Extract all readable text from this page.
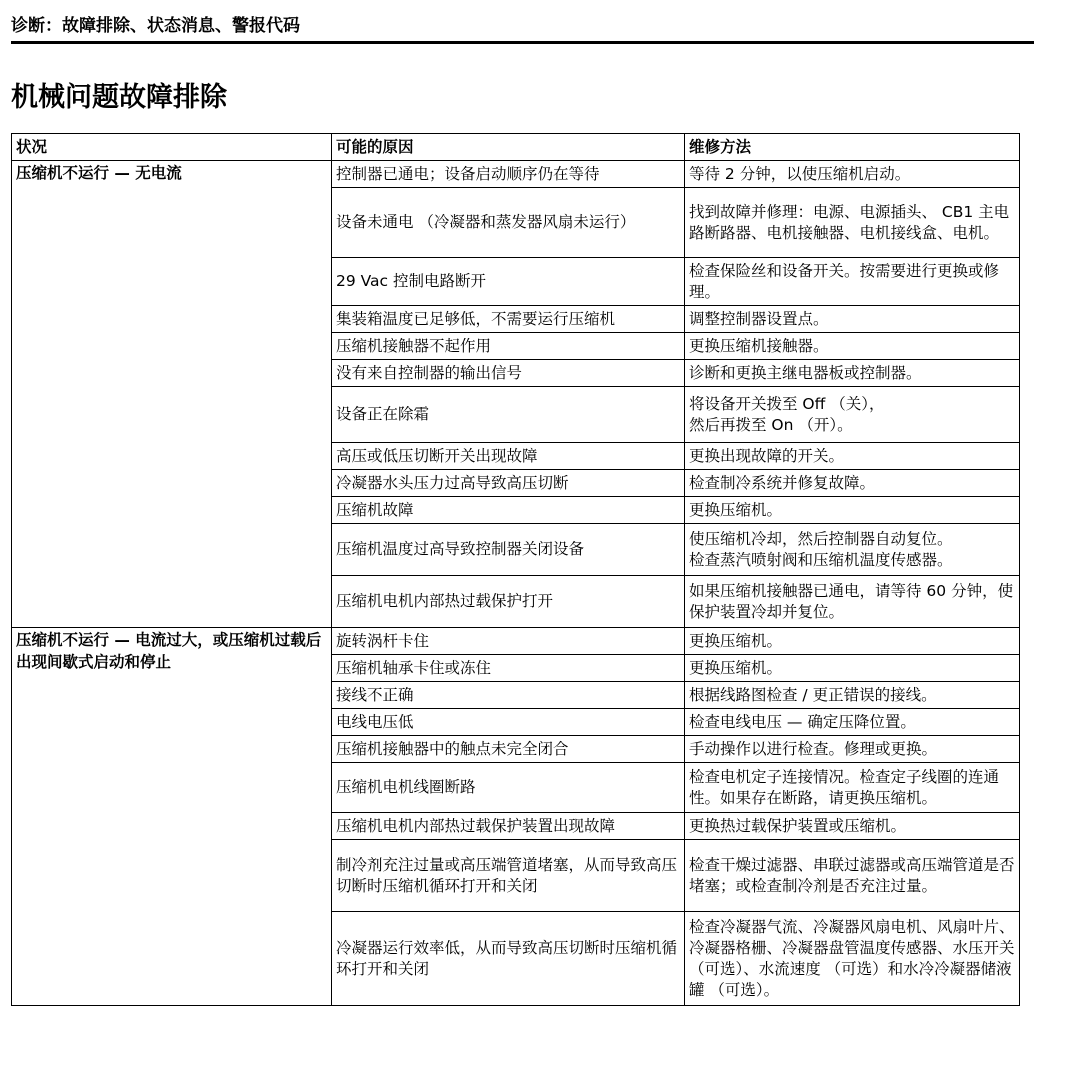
诊断：故障排除、状态消息、警报代码
机械问题故障排除
状况	可能的原因	维修方法
压缩机不运行 — 无电流	控制器已通电；设备启动顺序仍在等待	等待 2 分钟，以使压缩机启动。
	设备未通电 （冷凝器和蒸发器风扇未运行）	找到故障并修理：电源、电源插头、 CB1 主电路断路器、电机接触器、电机接线盒、电机。
	29 Vac 控制电路断开	检查保险丝和设备开关。按需要进行更换或修理。
	集装箱温度已足够低，不需要运行压缩机	调整控制器设置点。
	压缩机接触器不起作用	更换压缩机接触器。
	没有来自控制器的输出信号	诊断和更换主继电器板或控制器。
	设备正在除霜	将设备开关拨至 Off （关），
然后再拨至 On （开）。
	高压或低压切断开关出现故障	更换出现故障的开关。
	冷凝器水头压力过高导致高压切断	检查制冷系统并修复故障。
	压缩机故障	更换压缩机。
	压缩机温度过高导致控制器关闭设备	使压缩机冷却，然后控制器自动复位。
检查蒸汽喷射阀和压缩机温度传感器。
	压缩机电机内部热过载保护打开	如果压缩机接触器已通电，请等待 60 分钟，使保护装置冷却并复位。
压缩机不运行 — 电流过大，或压缩机过载后出现间歇式启动和停止	旋转涡杆卡住	更换压缩机。
	压缩机轴承卡住或冻住	更换压缩机。
	接线不正确	根据线路图检查 / 更正错误的接线。
	电线电压低	检查电线电压 — 确定压降位置。
	压缩机接触器中的触点未完全闭合	手动操作以进行检查。修理或更换。
	压缩机电机线圈断路	检查电机定子连接情况。检查定子线圈的连通性。如果存在断路，请更换压缩机。
	压缩机电机内部热过载保护装置出现故障	更换热过载保护装置或压缩机。
	制冷剂充注过量或高压端管道堵塞，从而导致高压切断时压缩机循环打开和关闭	检查干燥过滤器、串联过滤器或高压端管道是否堵塞；或检查制冷剂是否充注过量。
	冷凝器运行效率低，从而导致高压切断时压缩机循环打开和关闭	检查冷凝器气流、冷凝器风扇电机、风扇叶片、冷凝器格栅、冷凝器盘管温度传感器、水压开关 （可选）、水流速度 （可选）和水冷冷凝器储液罐 （可选）。
